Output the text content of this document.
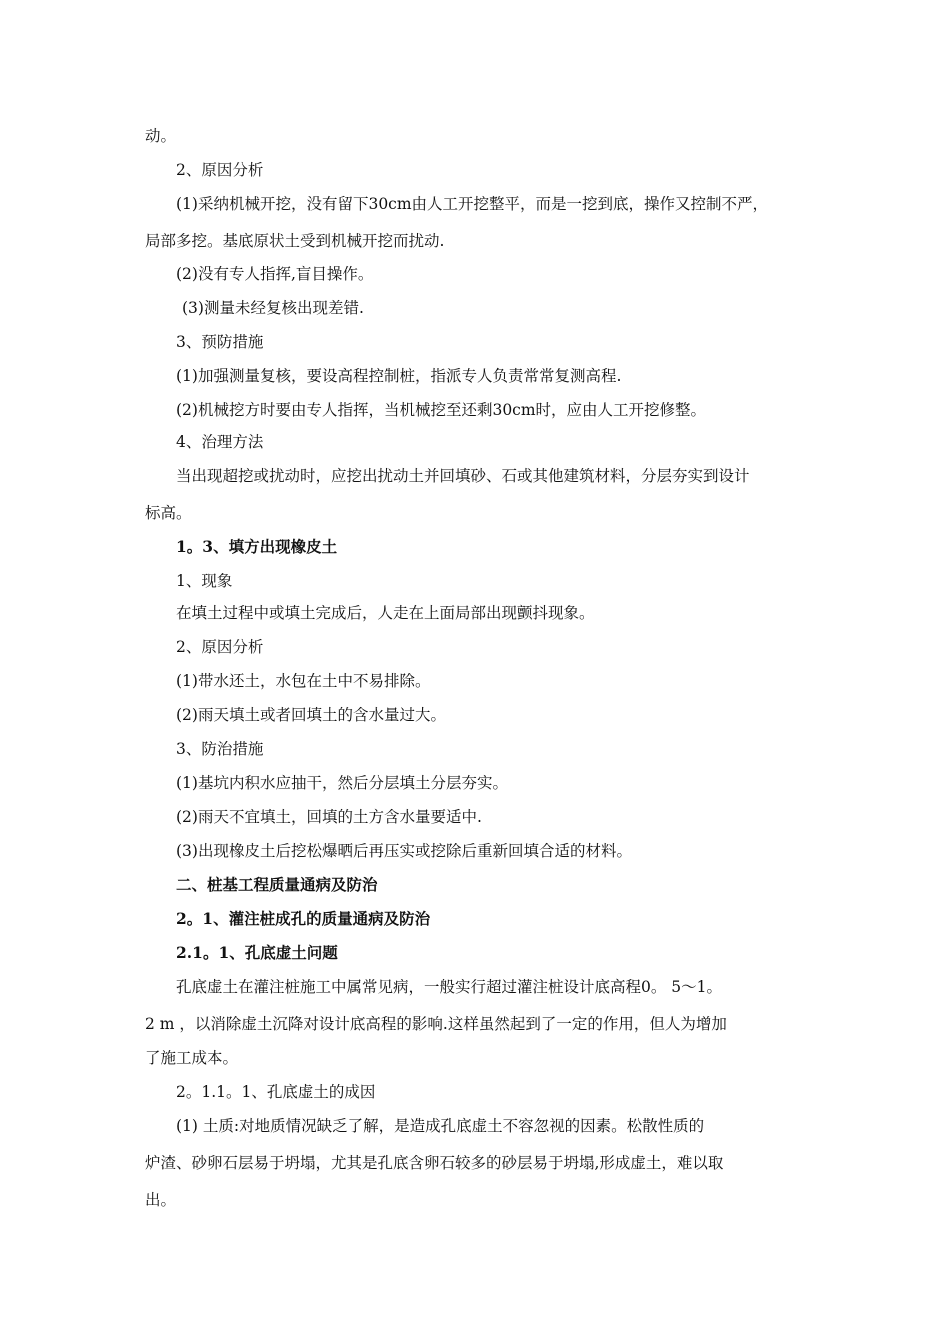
动。

2、原因分析

(1)采纳机械开挖，没有留下30cm由人工开挖整平，而是一挖到底，操作又控制不严，

局部多挖。基底原状土受到机械开挖而扰动.

(2)没有专人指挥,盲目操作。

(3)测量未经复核出现差错.

3、预防措施

(1)加强测量复核，要设高程控制桩，指派专人负责常常复测高程.

(2)机械挖方时要由专人指挥，当机械挖至还剩30cm时，应由人工开挖修整。

4、治理方法

当出现超挖或扰动时，应挖出扰动土并回填砂、石或其他建筑材料，分层夯实到设计

标高。

1。3、填方出现橡皮土

1、现象

在填土过程中或填土完成后，人走在上面局部出现颤抖现象。

2、原因分析

(1)带水还土，水包在土中不易排除。

(2)雨天填土或者回填土的含水量过大。

3、防治措施

(1)基坑内积水应抽干，然后分层填土分层夯实。

(2)雨天不宜填土，回填的土方含水量要适中.

(3)出现橡皮土后挖松爆晒后再压实或挖除后重新回填合适的材料。

二、桩基工程质量通病及防治

2。1、灌注桩成孔的质量通病及防治

2.1。1、孔底虚土问题

孔底虚土在灌注桩施工中属常见病，一般实行超过灌注桩设计底高程0。 5～1。

2 m ，以消除虚土沉降对设计底高程的影响.这样虽然起到了一定的作用，但人为增加

了施工成本。

2。1.1。1、孔底虚土的成因

(1) 土质:对地质情况缺乏了解，是造成孔底虚土不容忽视的因素。松散性质的

炉渣、砂卵石层易于坍塌，尤其是孔底含卵石较多的砂层易于坍塌,形成虚土，难以取

出。
